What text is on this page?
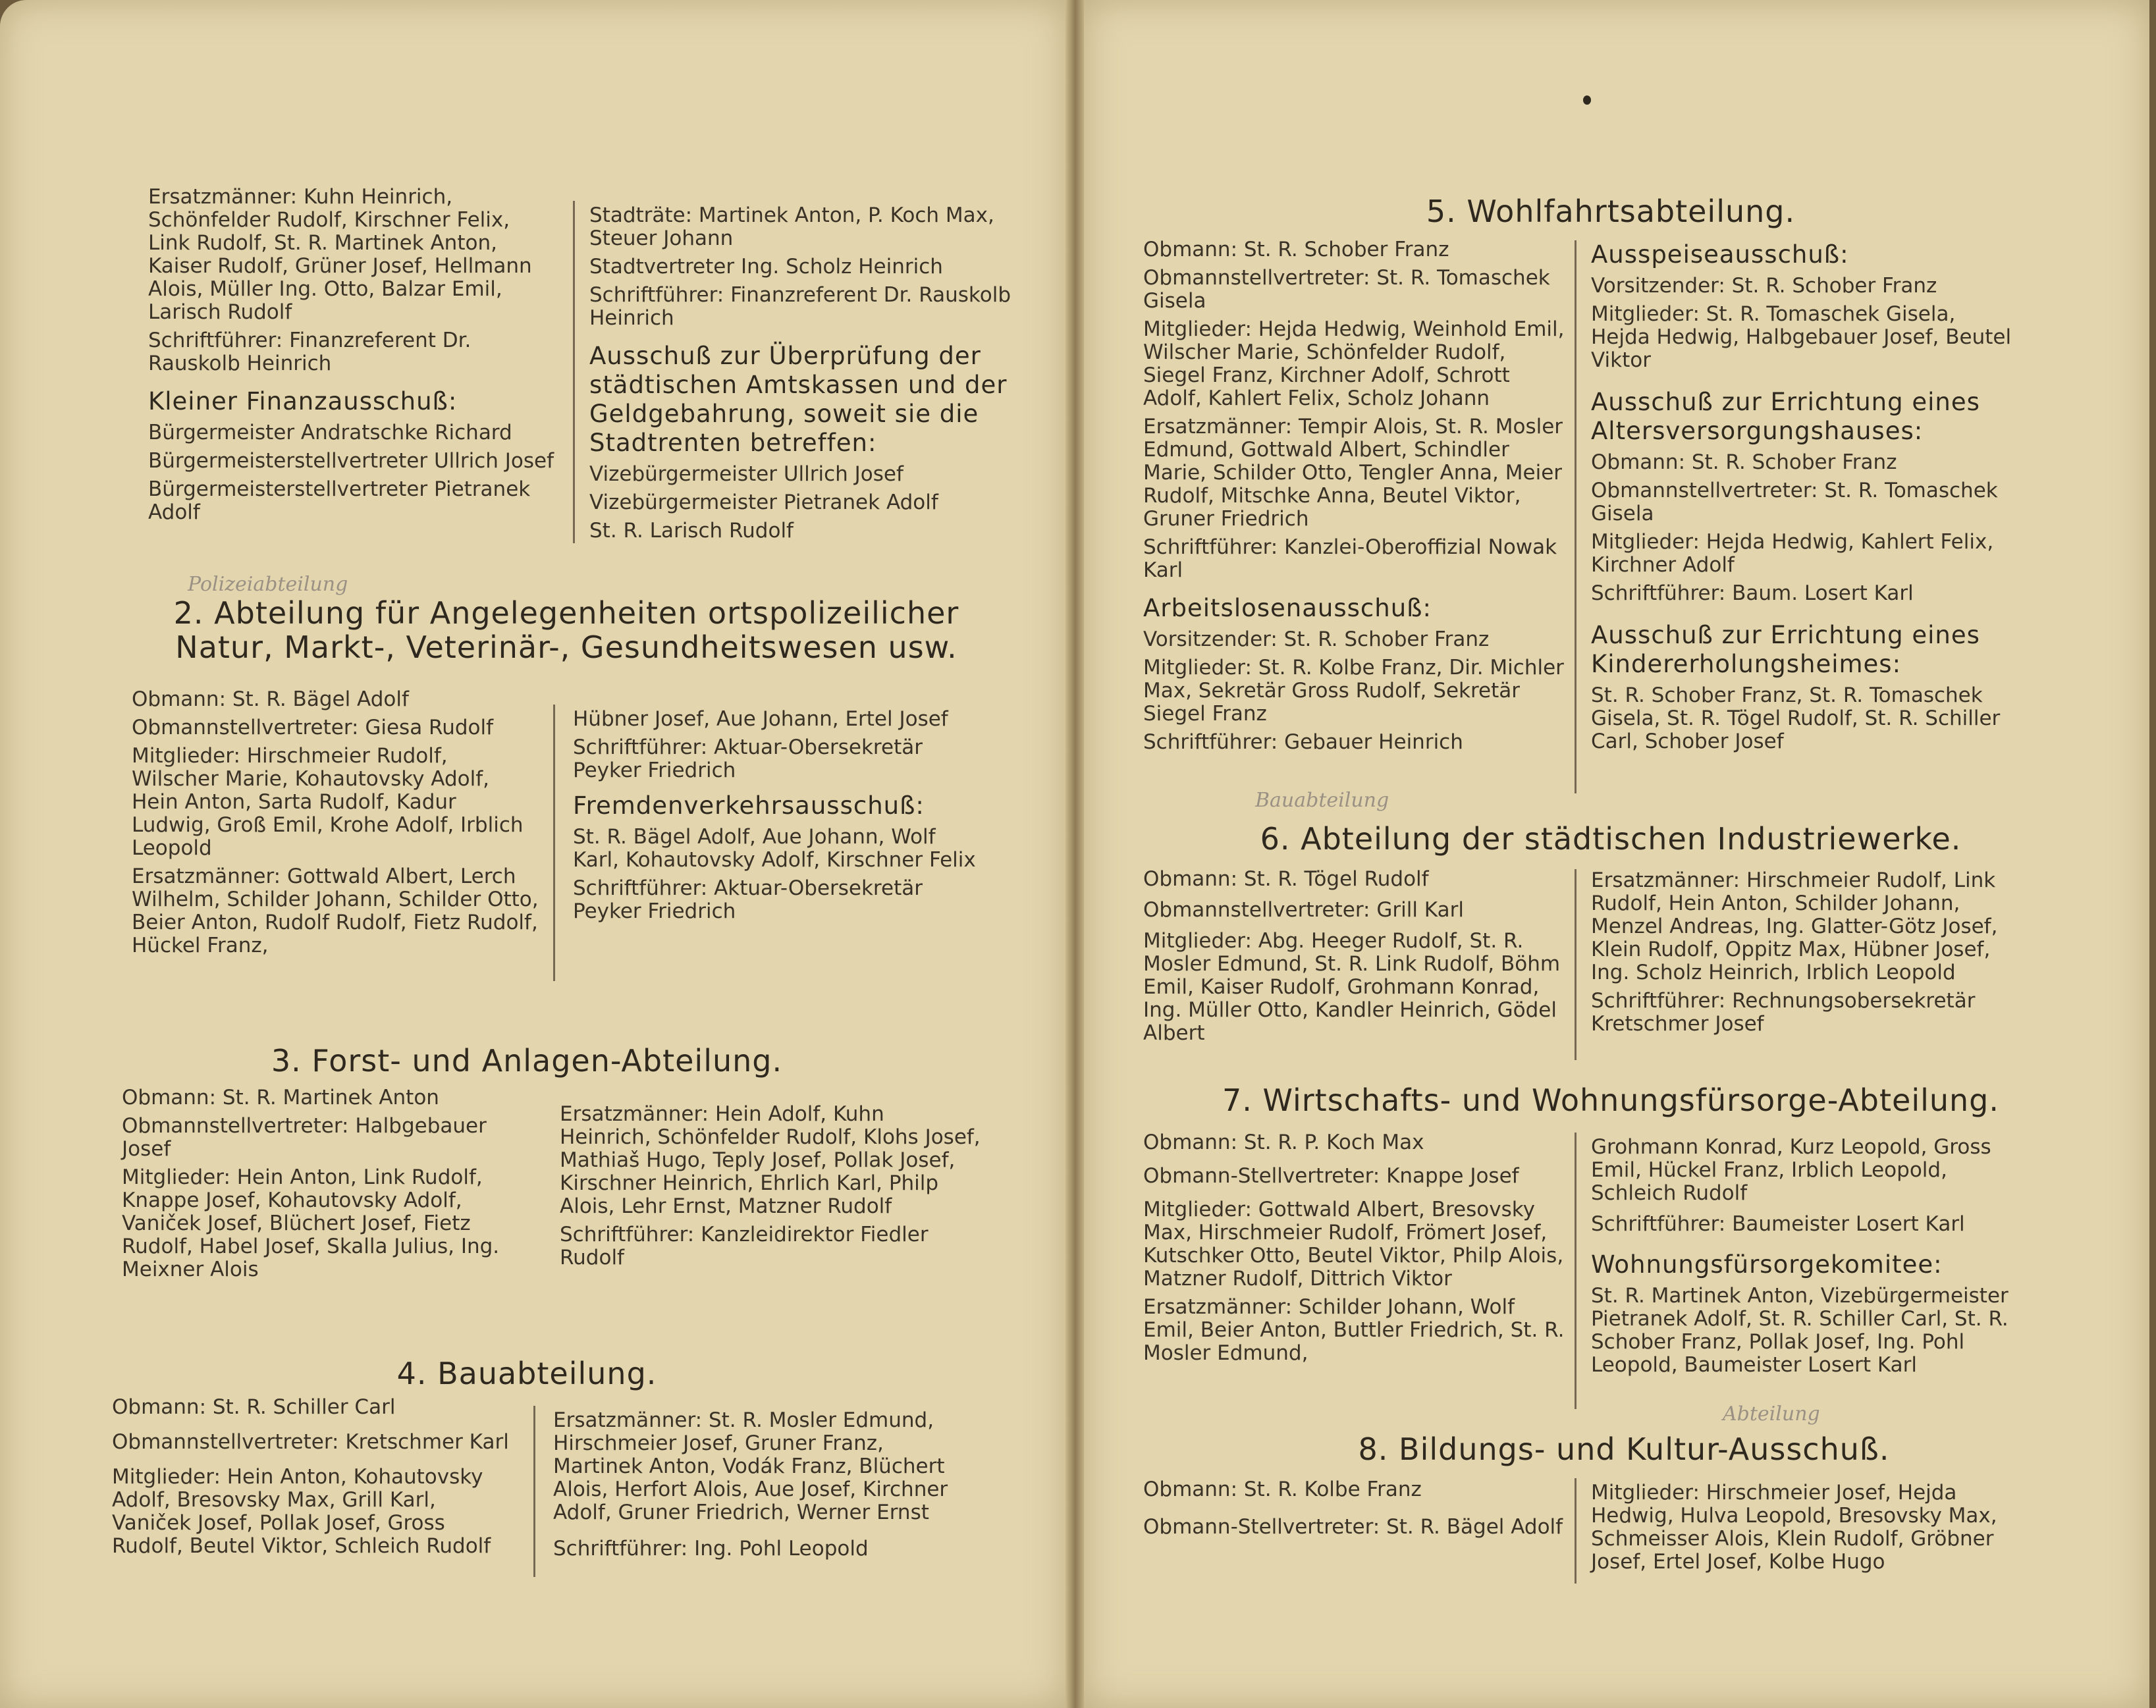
Ersatzmänner: Kuhn Heinrich, Schönfelder Rudolf, Kirschner Felix, Link Rudolf, St. R. Martinek Anton, Kaiser Rudolf, Grüner Josef, Hellmann Alois, Müller Ing. Otto, Balzar Emil, Larisch Rudolf

Schriftführer: Finanzreferent Dr. Rauskolb Heinrich

Kleiner Finanzausschuß:

Bürgermeister Andratschke Richard

Bürgermeisterstellvertreter Ullrich Josef

Bürgermeisterstellvertreter Pietranek Adolf

Stadträte: Martinek Anton, P. Koch Max, Steuer Johann

Stadtvertreter Ing. Scholz Heinrich

Schriftführer: Finanzreferent Dr. Rauskolb Heinrich

Ausschuß zur Überprüfung der städtischen Amtskassen und der Geldgebahrung, soweit sie die Stadtrenten betreffen:

Vizebürgermeister Ullrich Josef

Vizebürgermeister Pietranek Adolf

St. R. Larisch Rudolf

Polizeiabteilung
2. Abteilung für Angelegenheiten ortspolizeilicher Natur, Markt-, Veterinär-, Gesundheitswesen usw.

Obmann: St. R. Bägel Adolf

Obmannstellvertreter: Giesa Rudolf

Mitglieder: Hirschmeier Rudolf, Wilscher Marie, Kohautovsky Adolf, Hein Anton, Sarta Rudolf, Kadur Ludwig, Groß Emil, Krohe Adolf, Irblich Leopold

Ersatzmänner: Gottwald Albert, Lerch Wilhelm, Schilder Johann, Schilder Otto, Beier Anton, Rudolf Rudolf, Fietz Rudolf, Hückel Franz,

Hübner Josef, Aue Johann, Ertel Josef

Schriftführer: Aktuar-Obersekretär Peyker Friedrich

Fremdenverkehrsausschuß:

St. R. Bägel Adolf, Aue Johann, Wolf Karl, Kohautovsky Adolf, Kirschner Felix

Schriftführer: Aktuar-Obersekretär Peyker Friedrich

3. Forst- und Anlagen-Abteilung.

Obmann: St. R. Martinek Anton

Obmannstellvertreter: Halbgebauer Josef

Mitglieder: Hein Anton, Link Rudolf, Knappe Josef, Kohautovsky Adolf, Vaniček Josef, Blüchert Josef, Fietz Rudolf, Habel Josef, Skalla Julius, Ing. Meixner Alois

Ersatzmänner: Hein Adolf, Kuhn Heinrich, Schönfelder Rudolf, Klohs Josef, Mathiaš Hugo, Teply Josef, Pollak Josef, Kirschner Heinrich, Ehrlich Karl, Philp Alois, Lehr Ernst, Matzner Rudolf

Schriftführer: Kanzleidirektor Fiedler Rudolf

4. Bauabteilung.

Obmann: St. R. Schiller Carl

Obmannstellvertreter: Kretschmer Karl

Mitglieder: Hein Anton, Kohautovsky Adolf, Bresovsky Max, Grill Karl, Vaniček Josef, Pollak Josef, Gross Rudolf, Beutel Viktor, Schleich Rudolf

Ersatzmänner: St. R. Mosler Edmund, Hirschmeier Josef, Gruner Franz, Martinek Anton, Vodák Franz, Blüchert Alois, Herfort Alois, Aue Josef, Kirchner Adolf, Gruner Friedrich, Werner Ernst

Schriftführer: Ing. Pohl Leopold

5. Wohlfahrtsabteilung.

Obmann: St. R. Schober Franz

Obmannstellvertreter: St. R. Tomaschek Gisela

Mitglieder: Hejda Hedwig, Weinhold Emil, Wilscher Marie, Schönfelder Rudolf, Siegel Franz, Kirchner Adolf, Schrott Adolf, Kahlert Felix, Scholz Johann

Ersatzmänner: Tempir Alois, St. R. Mosler Edmund, Gottwald Albert, Schindler Marie, Schilder Otto, Tengler Anna, Meier Rudolf, Mitschke Anna, Beutel Viktor, Gruner Friedrich

Schriftführer: Kanzlei-Oberoffizial Nowak Karl

Arbeitslosenausschuß:

Vorsitzender: St. R. Schober Franz

Mitglieder: St. R. Kolbe Franz, Dir. Michler Max, Sekretär Gross Rudolf, Sekretär Siegel Franz

Schriftführer: Gebauer Heinrich

Ausspeiseausschuß:

Vorsitzender: St. R. Schober Franz

Mitglieder: St. R. Tomaschek Gisela, Hejda Hedwig, Halbgebauer Josef, Beutel Viktor

Ausschuß zur Errichtung eines Altersversorgungshauses:

Obmann: St. R. Schober Franz

Obmannstellvertreter: St. R. Tomaschek Gisela

Mitglieder: Hejda Hedwig, Kahlert Felix, Kirchner Adolf

Schriftführer: Baum. Losert Karl

Ausschuß zur Errichtung eines Kindererholungsheimes:

St. R. Schober Franz, St. R. Tomaschek Gisela, St. R. Tögel Rudolf, St. R. Schiller Carl, Schober Josef

Bauabteilung
6. Abteilung der städtischen Industriewerke.

Obmann: St. R. Tögel Rudolf

Obmannstellvertreter: Grill Karl

Mitglieder: Abg. Heeger Rudolf, St. R. Mosler Edmund, St. R. Link Rudolf, Böhm Emil, Kaiser Rudolf, Grohmann Konrad, Ing. Müller Otto, Kandler Heinrich, Gödel Albert

Ersatzmänner: Hirschmeier Rudolf, Link Rudolf, Hein Anton, Schilder Johann, Menzel Andreas, Ing. Glatter-Götz Josef, Klein Rudolf, Oppitz Max, Hübner Josef, Ing. Scholz Heinrich, Irblich Leopold

Schriftführer: Rechnungsobersekretär Kretschmer Josef

7. Wirtschafts- und Wohnungsfürsorge-Abteilung.

Obmann: St. R. P. Koch Max

Obmann-Stellvertreter: Knappe Josef

Mitglieder: Gottwald Albert, Bresovsky Max, Hirschmeier Rudolf, Frömert Josef, Kutschker Otto, Beutel Viktor, Philp Alois, Matzner Rudolf, Dittrich Viktor

Ersatzmänner: Schilder Johann, Wolf Emil, Beier Anton, Buttler Friedrich, St. R. Mosler Edmund,

Grohmann Konrad, Kurz Leopold, Gross Emil, Hückel Franz, Irblich Leopold, Schleich Rudolf

Schriftführer: Baumeister Losert Karl

Wohnungsfürsorgekomitee:

St. R. Martinek Anton, Vizebürgermeister Pietranek Adolf, St. R. Schiller Carl, St. R. Schober Franz, Pollak Josef, Ing. Pohl Leopold, Baumeister Losert Karl

Abteilung
8. Bildungs- und Kultur-Ausschuß.

Obmann: St. R. Kolbe Franz

Obmann-Stellvertreter: St. R. Bägel Adolf

Mitglieder: Hirschmeier Josef, Hejda Hedwig, Hulva Leopold, Bresovsky Max, Schmeisser Alois, Klein Rudolf, Gröbner Josef, Ertel Josef, Kolbe Hugo
